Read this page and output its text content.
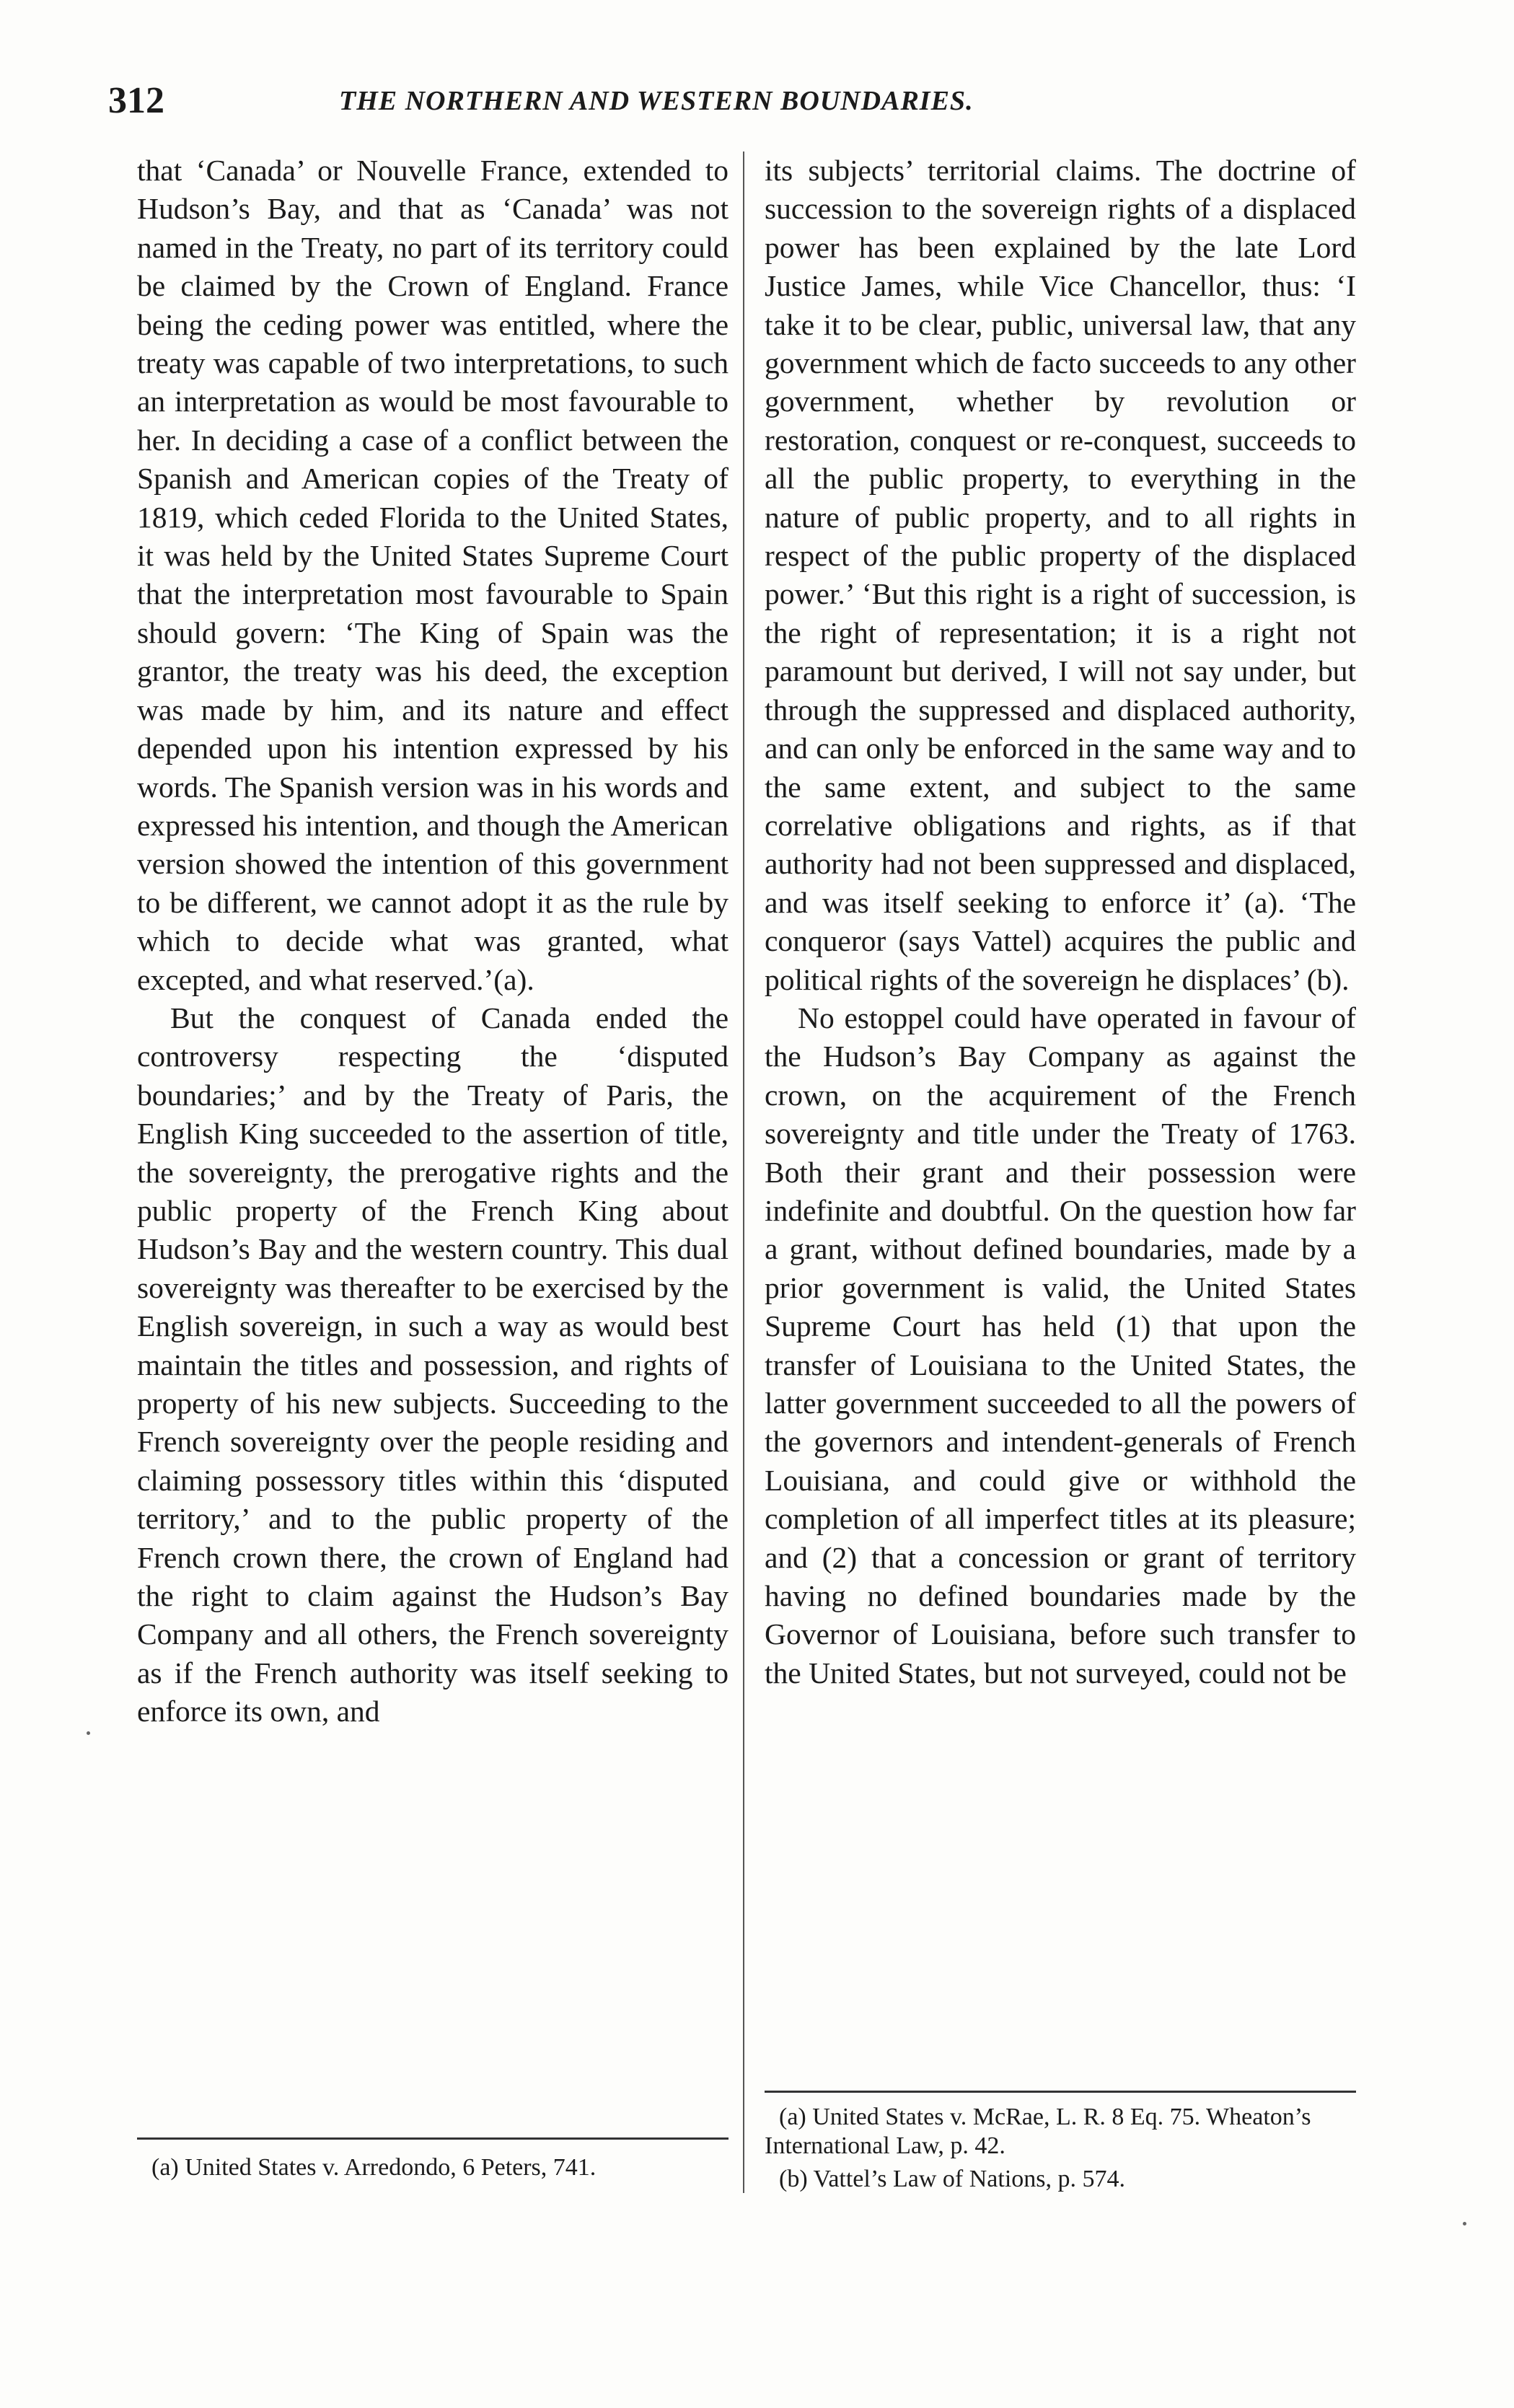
312	THE NORTHERN AND WESTERN BOUNDARIES.

that ‘Canada’ or Nouvelle France, extended to Hudson’s Bay, and that as ‘Canada’ was not named in the Treaty, no part of its territory could be claimed by the Crown of England. France being the ceding power was entitled, where the treaty was capable of two interpretations, to such an interpretation as would be most favourable to her. In deciding a case of a conflict between the Spanish and American copies of the Treaty of 1819, which ceded Florida to the United States, it was held by the United States Supreme Court that the interpretation most favourable to Spain should govern: ‘The King of Spain was the grantor, the treaty was his deed, the exception was made by him, and its nature and effect depended upon his intention expressed by his words. The Spanish version was in his words and expressed his intention, and though the American version showed the intention of this government to be different, we cannot adopt it as the rule by which to decide what was granted, what excepted, and what reserved.’(a).

But the conquest of Canada ended the controversy respecting the ‘disputed boundaries;’ and by the Treaty of Paris, the English King succeeded to the assertion of title, the sovereignty, the prerogative rights and the public property of the French King about Hudson’s Bay and the western country. This dual sovereignty was thereafter to be exercised by the English sovereign, in such a way as would best maintain the titles and possession, and rights of property of his new subjects. Succeeding to the French sovereignty over the people residing and claiming possessory titles within this ‘disputed territory,’ and to the public property of the French crown there, the crown of England had the right to claim against the Hudson’s Bay Company and all others, the French sovereignty as if the French authority was itself seeking to enforce its own, and

its subjects’ territorial claims. The doctrine of succession to the sovereign rights of a displaced power has been explained by the late Lord Justice James, while Vice Chancellor, thus: ‘I take it to be clear, public, universal law, that any government which de facto succeeds to any other government, whether by revolution or restoration, conquest or re-conquest, succeeds to all the public property, to everything in the nature of public property, and to all rights in respect of the public property of the displaced power.’ ‘But this right is a right of succession, is the right of representation; it is a right not paramount but derived, I will not say under, but through the suppressed and displaced authority, and can only be enforced in the same way and to the same extent, and subject to the same correlative obligations and rights, as if that authority had not been suppressed and displaced, and was itself seeking to enforce it’ (a). ‘The conqueror (says Vattel) acquires the public and political rights of the sovereign he displaces’ (b).

No estoppel could have operated in favour of the Hudson’s Bay Company as against the crown, on the acquirement of the French sovereignty and title under the Treaty of 1763. Both their grant and their possession were indefinite and doubtful. On the question how far a grant, without defined boundaries, made by a prior government is valid, the United States Supreme Court has held (1) that upon the transfer of Louisiana to the United States, the latter government succeeded to all the powers of the governors and intendent-generals of French Louisiana, and could give or withhold the completion of all imperfect titles at its pleasure; and (2) that a concession or grant of territory having no defined boundaries made by the Governor of Louisiana, before such transfer to the United States, but not surveyed, could not be

(a) United States v. Arredondo, 6 Peters, 741.

(a) United States v. McRae, L. R. 8 Eq. 75. Wheaton’s International Law, p. 42.

(b) Vattel’s Law of Nations, p. 574.
